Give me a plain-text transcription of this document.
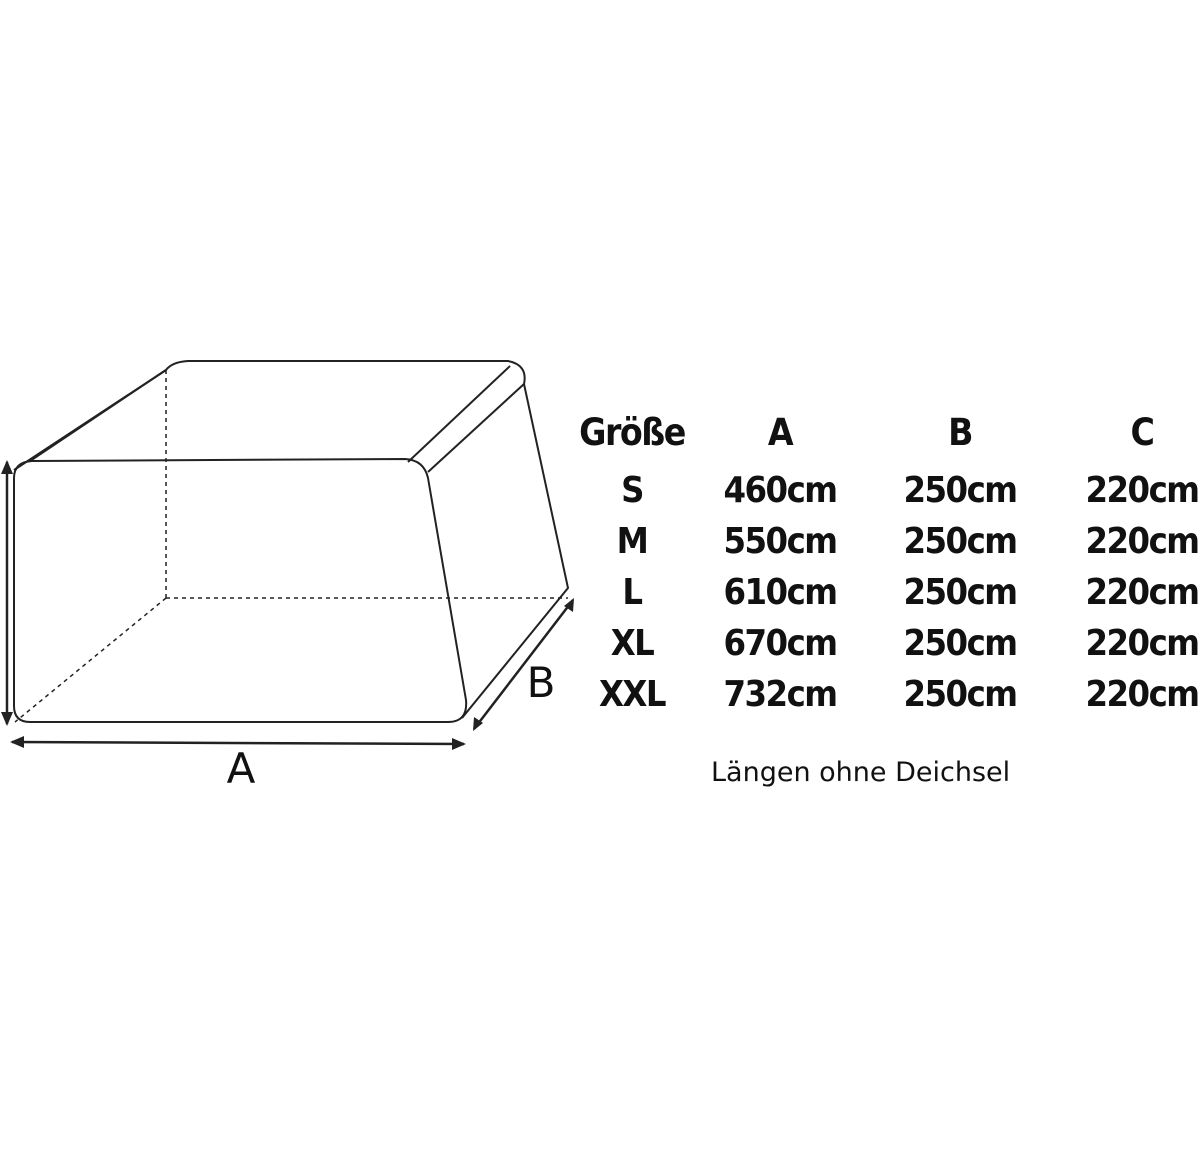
A
B
Größe A	B	C
S 460cm 250cm 220cm
M 550cm 250cm 220cm
L 610cm 250cm 220cm
XL 670cm 250cm 220cm
XXL 732cm 250cm 220cm
Längen ohne Deichsel
